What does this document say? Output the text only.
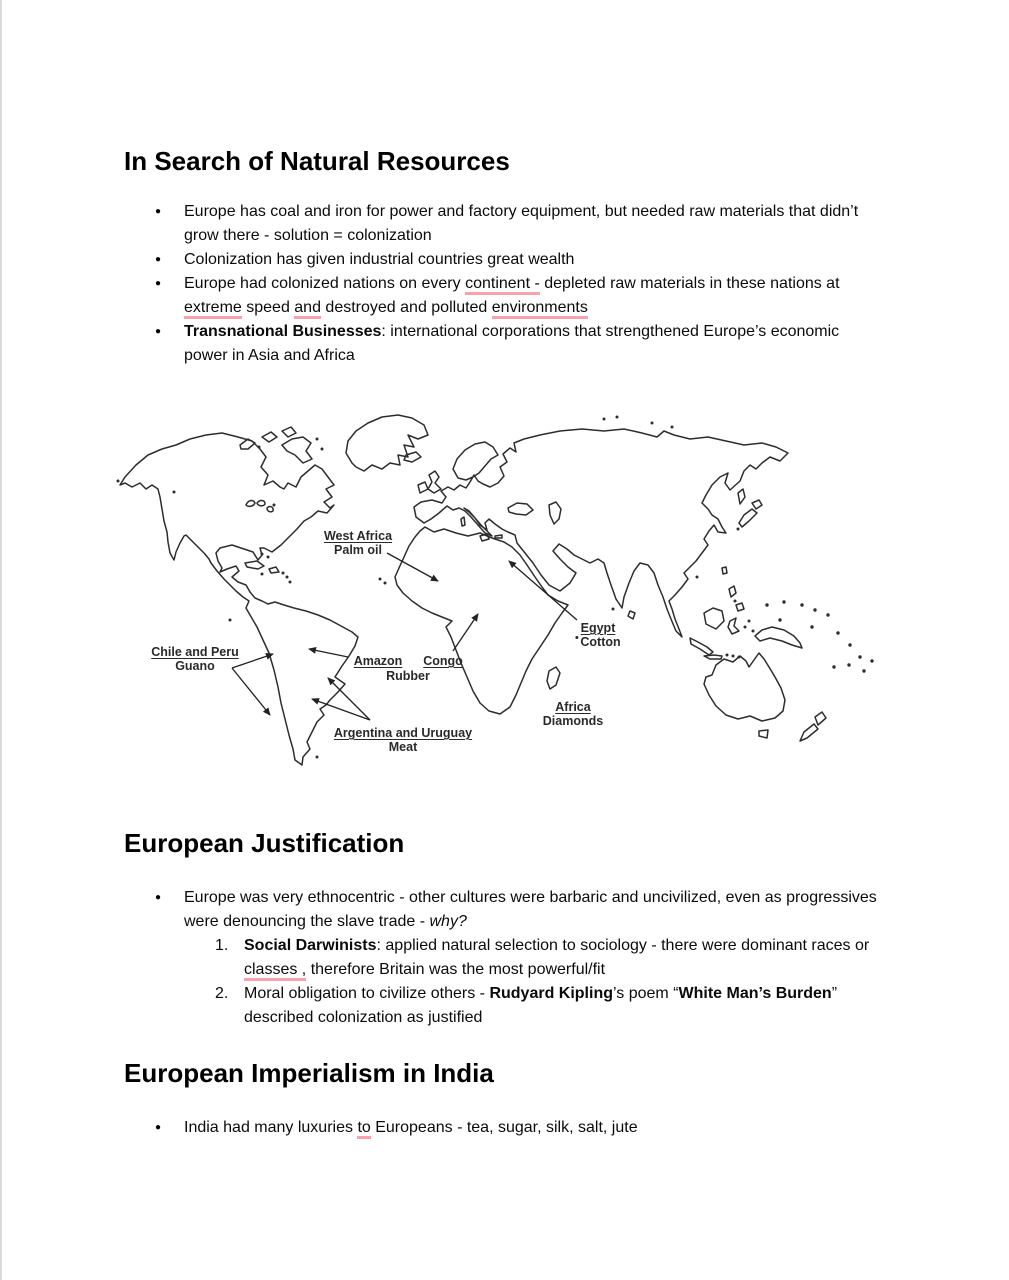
In Search of Natural Resources
● Europe has coal and iron for power and factory equipment, but needed raw materials that didn’t grow there - solution = colonization
● Colonization has given industrial countries great wealth
● Europe had colonized nations on every continent - depleted raw materials in these nations at extreme speed and destroyed and polluted environments
● Transnational Businesses: international corporations that strengthened Europe’s economic power in Asia and Africa
West Africa
Palm oil
Chile and Peru
Guano	Amazon
Rubber
Congo
Egypt
Cotton
Africa
Diamonds
Argentina and Uruguay
Meat
European Justification
● Europe was very ethnocentric - other cultures were barbaric and uncivilized, even as progressives were denouncing the slave trade - why?
1. Social Darwinists: applied natural selection to sociology - there were dominant races or classes , therefore Britain was the most powerful/fit
2. Moral obligation to civilize others - Rudyard Kipling’s poem “White Man’s Burden” described colonization as justified
European Imperialism in India
● India had many luxuries to Europeans - tea, sugar, silk, salt, jute
